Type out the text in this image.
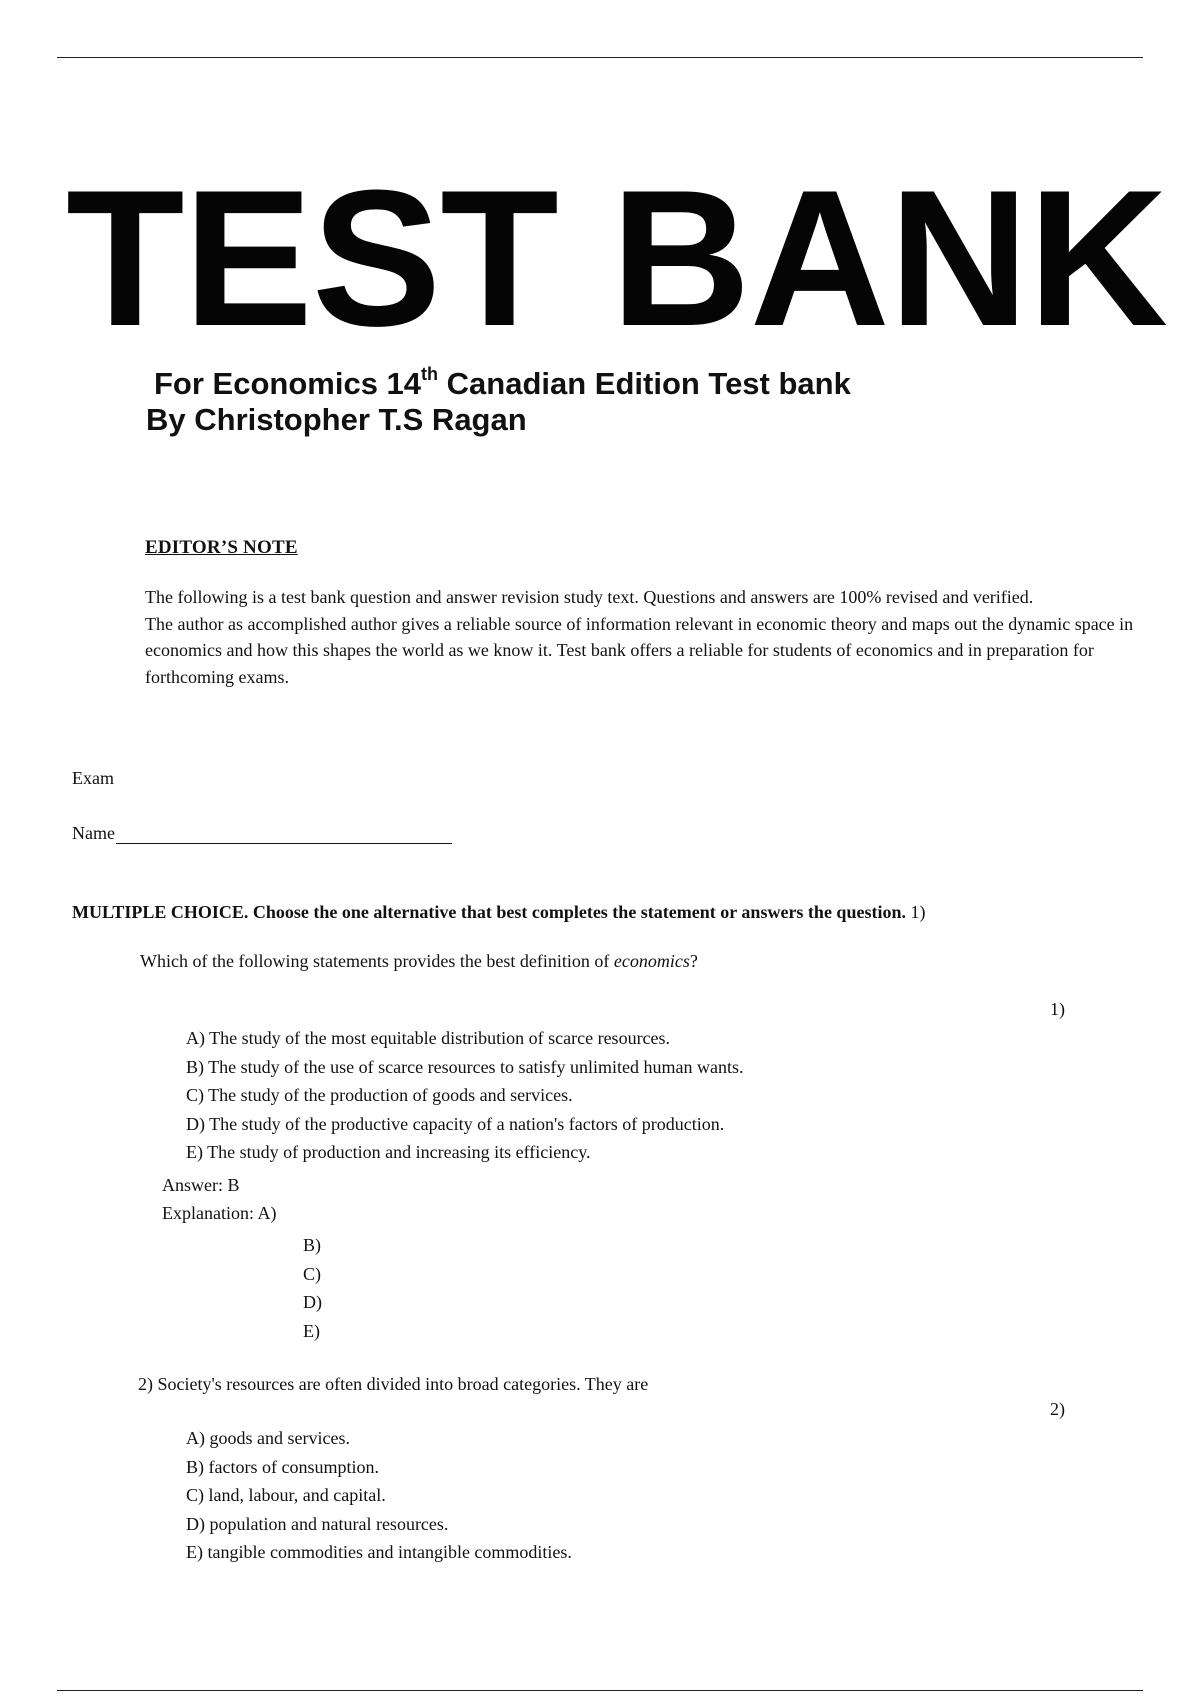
TEST BANK

For Economics 14th Canadian Edition Test bank

By Christopher T.S Ragan

EDITOR’S NOTE

The following is a test bank question and answer revision study text. Questions and answers are 100% revised and verified.

The author as accomplished author gives a reliable source of information relevant in economic theory and maps out the dynamic space in economics and how this shapes the world as we know it. Test bank offers a reliable for students of economics and in preparation for forthcoming exams.

Exam
Name
MULTIPLE CHOICE. Choose the one alternative that best completes the statement or answers the question. 1)
Which of the following statements provides the best definition of economics?
1)
A) The study of the most equitable distribution of scarce resources.
B) The study of the use of scarce resources to satisfy unlimited human wants.
C) The study of the production of goods and services.
D) The study of the productive capacity of a nation's factors of production.
E) The study of production and increasing its efficiency.
Answer: B
Explanation: A)
B)
C)
D)
E)
2) Society's resources are often divided into broad categories. They are
2)
A) goods and services.
B) factors of consumption.
C) land, labour, and capital.
D) population and natural resources.
E) tangible commodities and intangible commodities.
